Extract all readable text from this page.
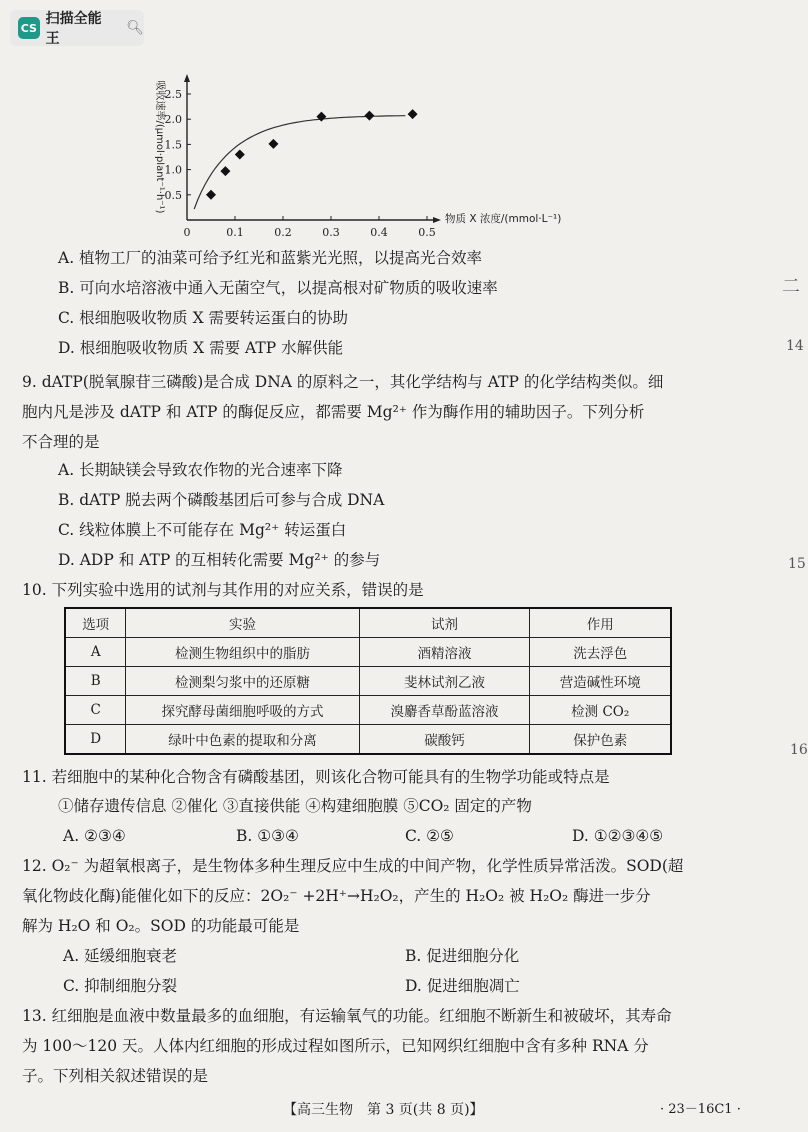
CS
扫描全能王
🔍︎
0	0.1	0.2	0.3	0.4	0.5
0.5
1.0
1.5
2.0
2.5
吸收速率/(μmol·plant⁻¹·h⁻¹)
物质 X 浓度/(mmol·L⁻¹)
A. 植物工厂的油菜可给予红光和蓝紫光光照，以提高光合效率
B. 可向水培溶液中通入无菌空气，以提高根对矿物质的吸收速率
C. 根细胞吸收物质 X 需要转运蛋白的协助
D. 根细胞吸收物质 X 需要 ATP 水解供能
9. dATP(脱氧腺苷三磷酸)是合成 DNA 的原料之一，其化学结构与 ATP 的化学结构类似。细
胞内凡是涉及 dATP 和 ATP 的酶促反应，都需要 Mg²⁺ 作为酶作用的辅助因子。下列分析
不合理的是
A. 长期缺镁会导致农作物的光合速率下降
B. dATP 脱去两个磷酸基团后可参与合成 DNA
C. 线粒体膜上不可能存在 Mg²⁺ 转运蛋白
D. ADP 和 ATP 的互相转化需要 Mg²⁺ 的参与
10. 下列实验中选用的试剂与其作用的对应关系，错误的是
选项	实验	试剂	作用
A	检测生物组织中的脂肪	酒精溶液	洗去浮色
B	检测梨匀浆中的还原糖	斐林试剂乙液	营造碱性环境
C	探究酵母菌细胞呼吸的方式	溴麝香草酚蓝溶液	检测 CO₂
D	绿叶中色素的提取和分离	碳酸钙	保护色素
11. 若细胞中的某种化合物含有磷酸基团，则该化合物可能具有的生物学功能或特点是
①储存遗传信息 ②催化 ③直接供能 ④构建细胞膜 ⑤CO₂ 固定的产物
A. ②③④	B. ①③④	C. ②⑤	D. ①②③④⑤
12. O₂⁻ 为超氧根离子，是生物体多种生理反应中生成的中间产物，化学性质异常活泼。SOD(超
氧化物歧化酶)能催化如下的反应：2O₂⁻ +2H⁺→H₂O₂，产生的 H₂O₂ 被 H₂O₂ 酶进一步分
解为 H₂O 和 O₂。SOD 的功能最可能是
A. 延缓细胞衰老	B. 促进细胞分化
C. 抑制细胞分裂	D. 促进细胞凋亡
13. 红细胞是血液中数量最多的血细胞，有运输氧气的功能。红细胞不断新生和被破坏，其寿命
为 100～120 天。人体内红细胞的形成过程如图所示，已知网织红细胞中含有多种 RNA 分
子。下列相关叙述错误的是
【高三生物　第 3 页(共 8 页)】	· 23－16C1 ·
二
14
15
16
